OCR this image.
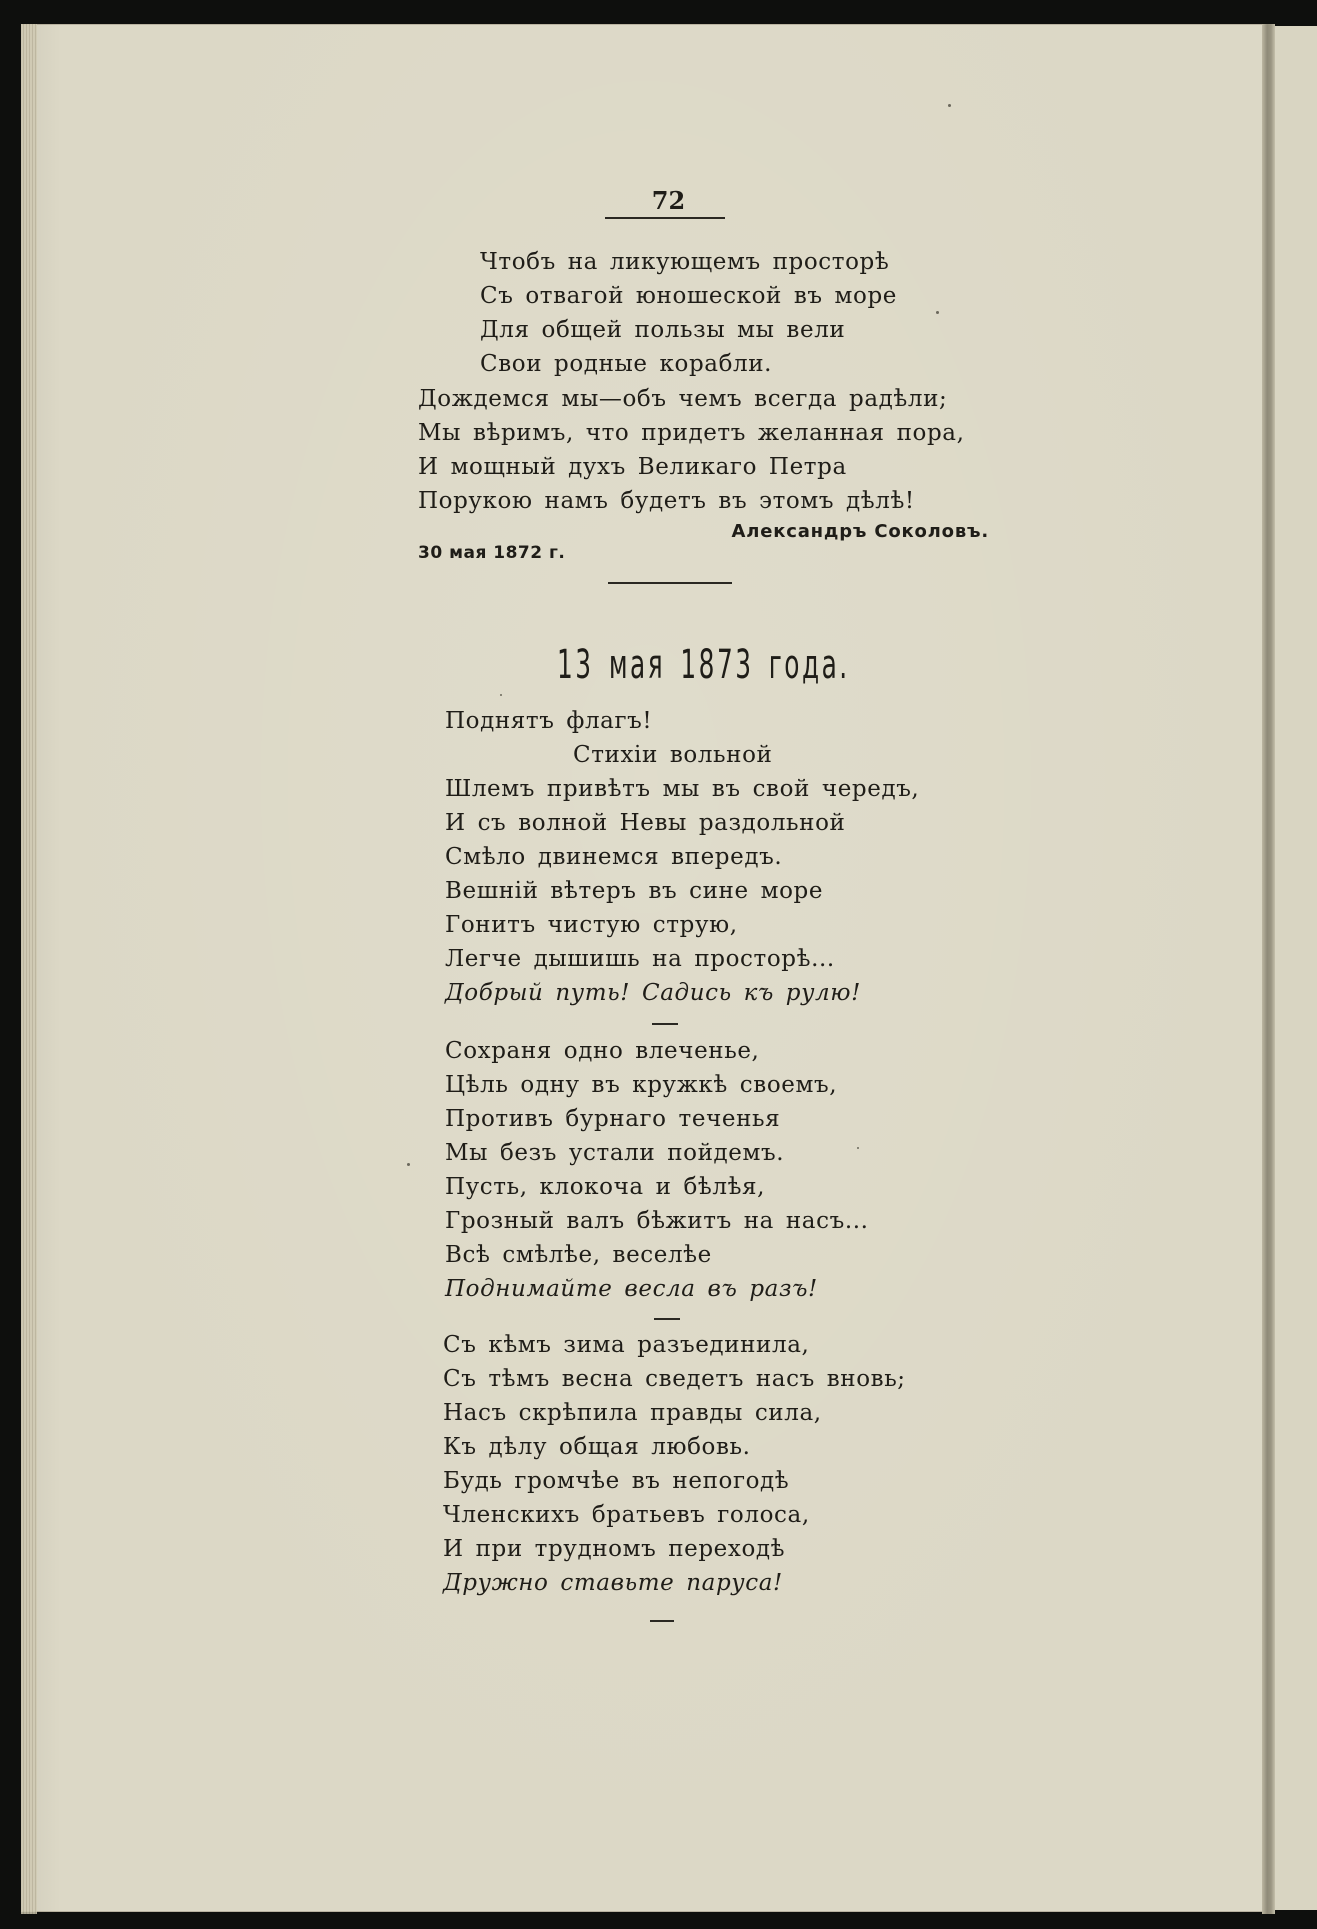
72
Чтобъ на ликующемъ просторѣ
Съ отвагой юношеской въ море
Для общей пользы мы вели
Свои родные корабли.
Дождемся мы—объ чемъ всегда радѣли;
Мы вѣримъ, что придетъ желанная пора,
И мощный духъ Великаго Петра
Порукою намъ будетъ въ этомъ дѣлѣ!
Александръ Соколовъ.
30 мая 1872 г.
13 мая 1873 года.
Поднятъ флагъ!
Стихіи вольной
Шлемъ привѣтъ мы въ свой чередъ,
И съ волной Невы раздольной
Смѣло двинемся впередъ.
Вешній вѣтеръ въ сине море
Гонитъ чистую струю,
Легче дышишь на просторѣ...
Добрый путь! Садись къ рулю!
Сохраня одно влеченье,
Цѣль одну въ кружкѣ своемъ,
Противъ бурнаго теченья
Мы безъ устали пойдемъ.
Пусть, клокоча и бѣлѣя,
Грозный валъ бѣжитъ на насъ...
Всѣ смѣлѣе, веселѣе
Поднимайте весла въ разъ!
Съ кѣмъ зима разъединила,
Съ тѣмъ весна сведетъ насъ вновь;
Насъ скрѣпила правды сила,
Къ дѣлу общая любовь.
Будь громчѣе въ непогодѣ
Членскихъ братьевъ голоса,
И при трудномъ переходѣ
Дружно ставьте паруса!
